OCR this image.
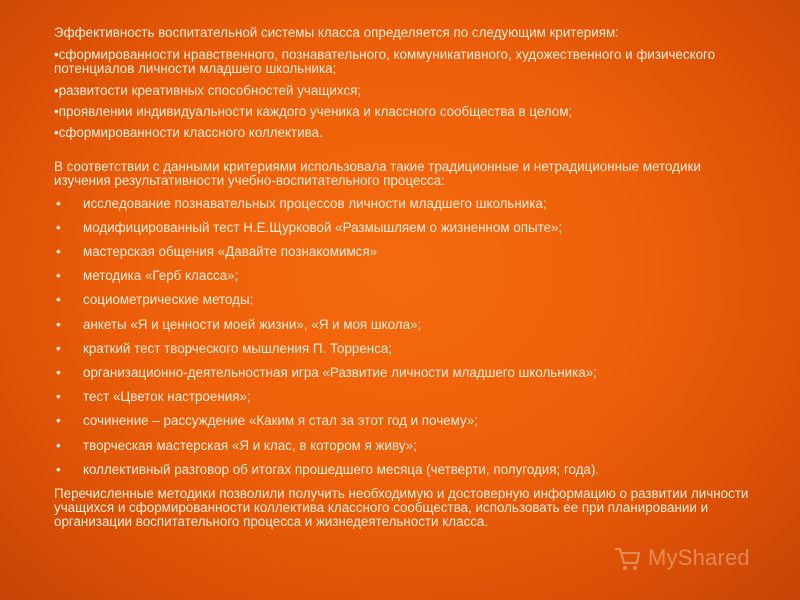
Эффективность воспитательной системы класса определяется по следующим критериям:

•сформированности нравственного, познавательного, коммуникативного, художественного и физического потенциалов личности младшего школьника;

•развитости креативных способностей учащихся;

•проявлении индивидуальности каждого ученика и классного сообщества в целом;

•сформированности классного коллектива.

В соответствии с данными критериями использовала такие традиционные и нетрадиционные методики изучения результативности учебно-воспитательного процесса:

• исследование познавательных процессов личности младшего школьника;
• модифицированный тест Н.Е.Щурковой «Размышляем о жизненном опыте»;
• мастерская общения «Давайте познакомимся»
• методика «Герб класса»;
• социометрические методы;
• анкеты «Я и ценности моей жизни», «Я и моя школа»;
• краткий тест творческого мышления П. Торренса;
• организационно-деятельностная игра «Развитие личности младшего школьника»;
• тест «Цветок настроения»;
• сочинение – рассуждение «Каким я стал за этот год и почему»;
• творческая мастерская «Я и клас, в котором я живу»;
• коллективный разговор об итогах прошедшего месяца (четверти, полугодия; года).

Перечисленные методики позволили получить необходимую и достоверную информацию о развитии личности учащихся и сформированности коллектива классного сообщества, использовать ее при планировании и организации воспитательного процесса и жизнедеятельности класса.

MyShared
